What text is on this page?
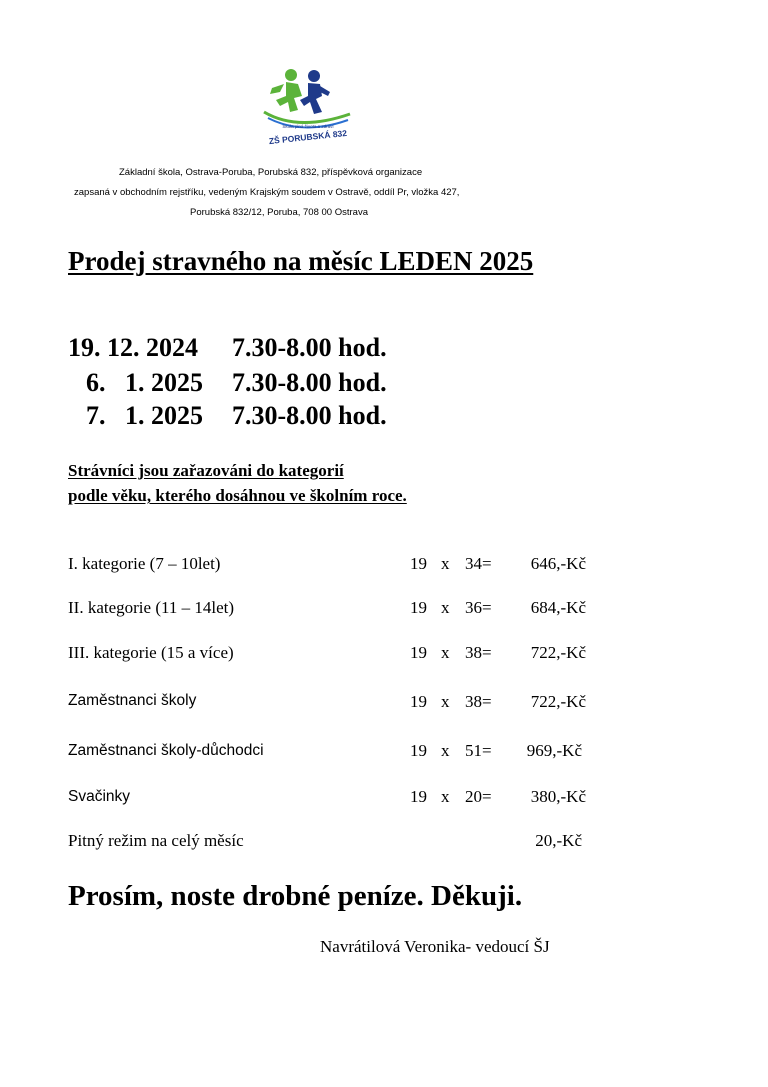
Škola plná života a zdraví
ZŠ PORUBSKÁ 832
Základní škola, Ostrava-Poruba, Porubská 832, příspěvková organizace
zapsaná v obchodním rejstříku, vedeným Krajským soudem v Ostravě, oddíl Pr, vložka 427,
Porubská 832/12, Poruba, 708 00 Ostrava
Prodej stravného na měsíc LEDEN 2025
19. 12. 2024 7.30-8.00 hod.
6.   1. 2025 7.30-8.00 hod.
7.   1. 2025 7.30-8.00 hod.
Strávníci jsou zařazováni do kategorií
podle věku, kterého dosáhnou ve školním roce.
I. kategorie (7 – 10let)	19 x 34=	646,-Kč
II. kategorie (11 – 14let)	19 x 36=	684,-Kč
III. kategorie (15 a více)	19 x 38=	722,-Kč
Zaměstnanci školy	19 x 38=	722,-Kč
Zaměstnanci školy-důchodci	19 x 51=	969,-Kč
Svačinky	19 x 20=	380,-Kč
Pitný režim na celý měsíc	20,-Kč
Prosím, noste drobné peníze. Děkuji.
Navrátilová Veronika- vedoucí ŠJ
